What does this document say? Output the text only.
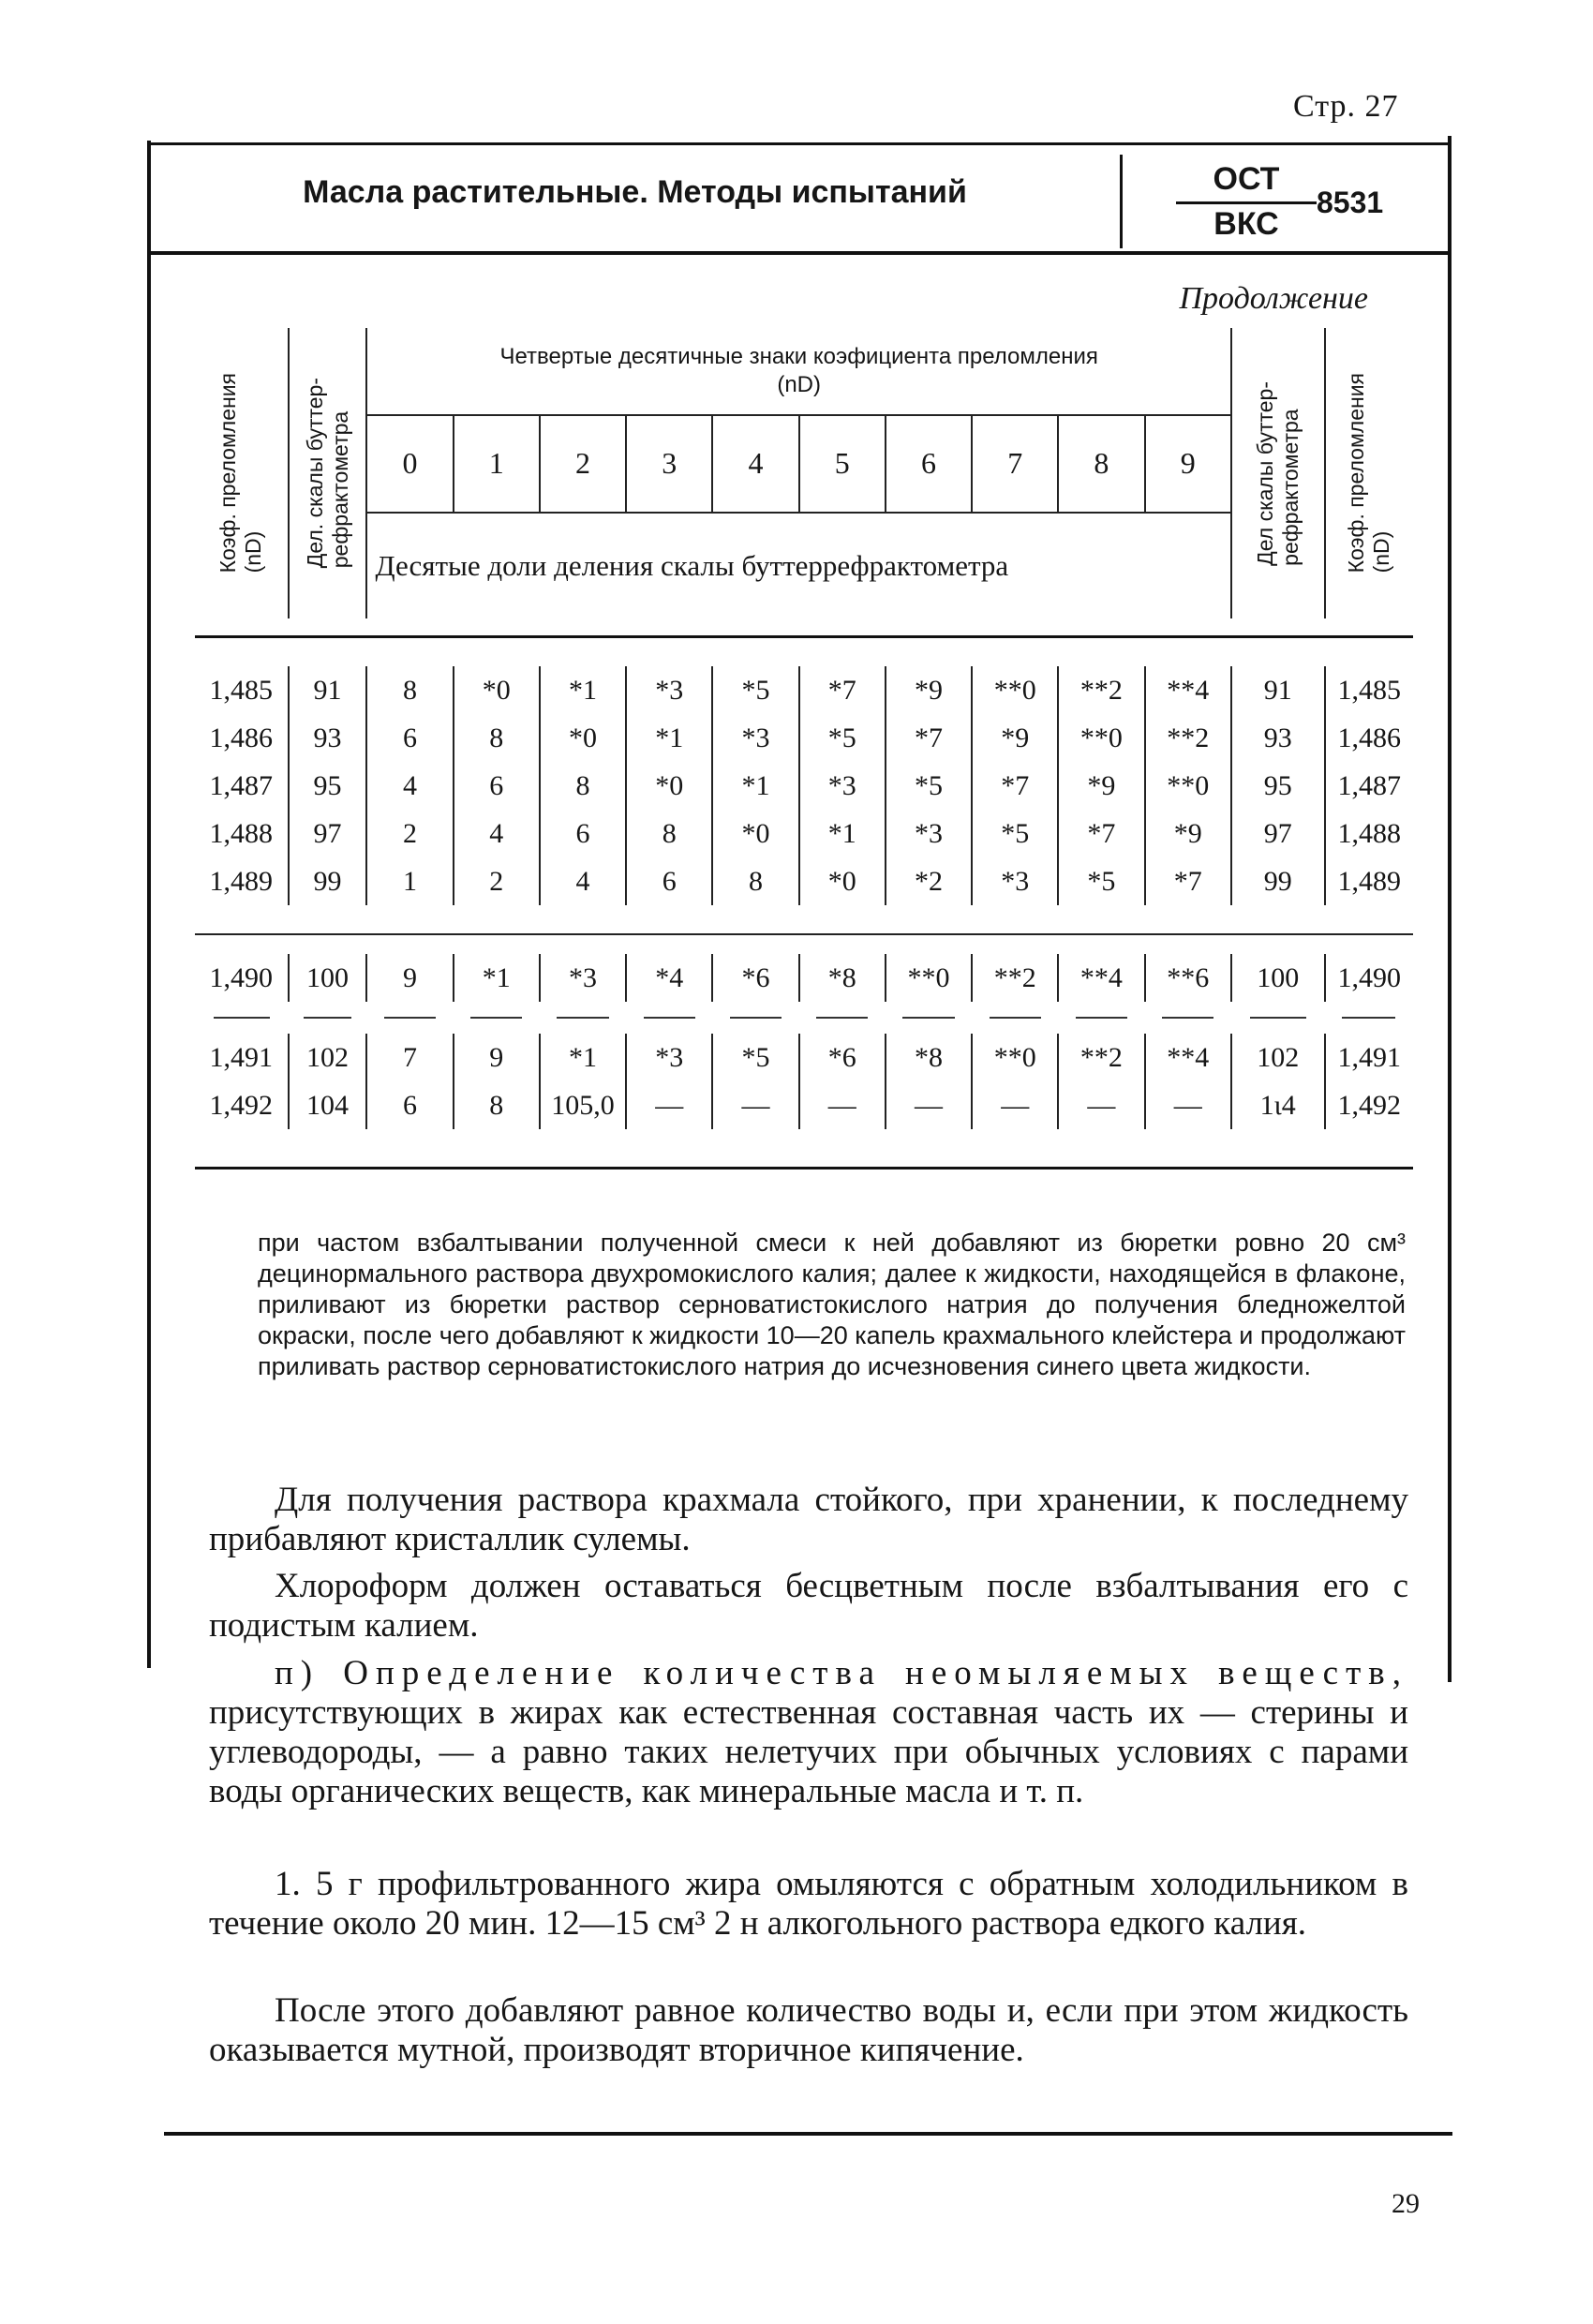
Стр. 27
Масла растительные. Методы испытаний	ОСТ
ВКС
8531
Продолжение
Коэф. преломления
(nD)	Дел. скалы буттер-
рефрактометра	Четвертые десятичные знаки коэфициента преломления
(nD)										Дел скалы буттер-
рефрактометра	Коэф. преломления
(nD)

		0	1	2	3	4	5	6	7	8	9		
		Десятые доли деления скалы буттеррефрактометра											

1,485	91	8	*0	*1	*3	*5	*7	*9	**0	**2	**4	91	1,485
1,486	93	6	8	*0	*1	*3	*5	*7	*9	**0	**2	93	1,486
1,487	95	4	6	8	*0	*1	*3	*5	*7	*9	**0	95	1,487
1,488	97	2	4	6	8	*0	*1	*3	*5	*7	*9	97	1,488
1,489	99	1	2	4	6	8	*0	*2	*3	*5	*7	99	1,489

1,490	100	9	*1	*3	*4	*6	*8	**0	**2	**4	**6	100	1,490

1,491	102	7	9	*1	*3	*5	*6	*8	**0	**2	**4	102	1,491
1,492	104	6	8	105,0	—	—	—	—	—	—	—	1ι4	1,492

при частом взбалтывании полученной смеси к ней добавляют из бюретки ровно 20 см³ децинормального раствора двухромокислого калия; далее к жидкости, находящейся в флаконе, приливают из бюретки раствор серноватистокислого натрия до получения бледножелтой окраски, после чего добавляют к жидкости 10—20 капель крахмального клейстера и продолжают приливать раствор серноватистокислого натрия до исчезновения синего цвета жидкости.
Для получения раствора крахмала стойкого, при хранении, к последнему прибавляют кристаллик сулемы.
Хлороформ должен оставаться бесцветным после взбалтывания его с подистым калием.
п) Определение количества неомыляемых веществ, присутствующих в жирах как естественная составная часть их — стерины и углеводороды, — а равно таких нелетучих при обычных условиях с парами воды органических веществ, как минеральные масла и т. п.
1. 5 г профильтрованного жира омыляются с обратным холодильником в течение около 20 мин. 12—15 см³ 2 н алкогольного раствора едкого калия.
После этого добавляют равное количество воды и, если при этом жидкость оказывается мутной, производят вторичное кипячение.
29
